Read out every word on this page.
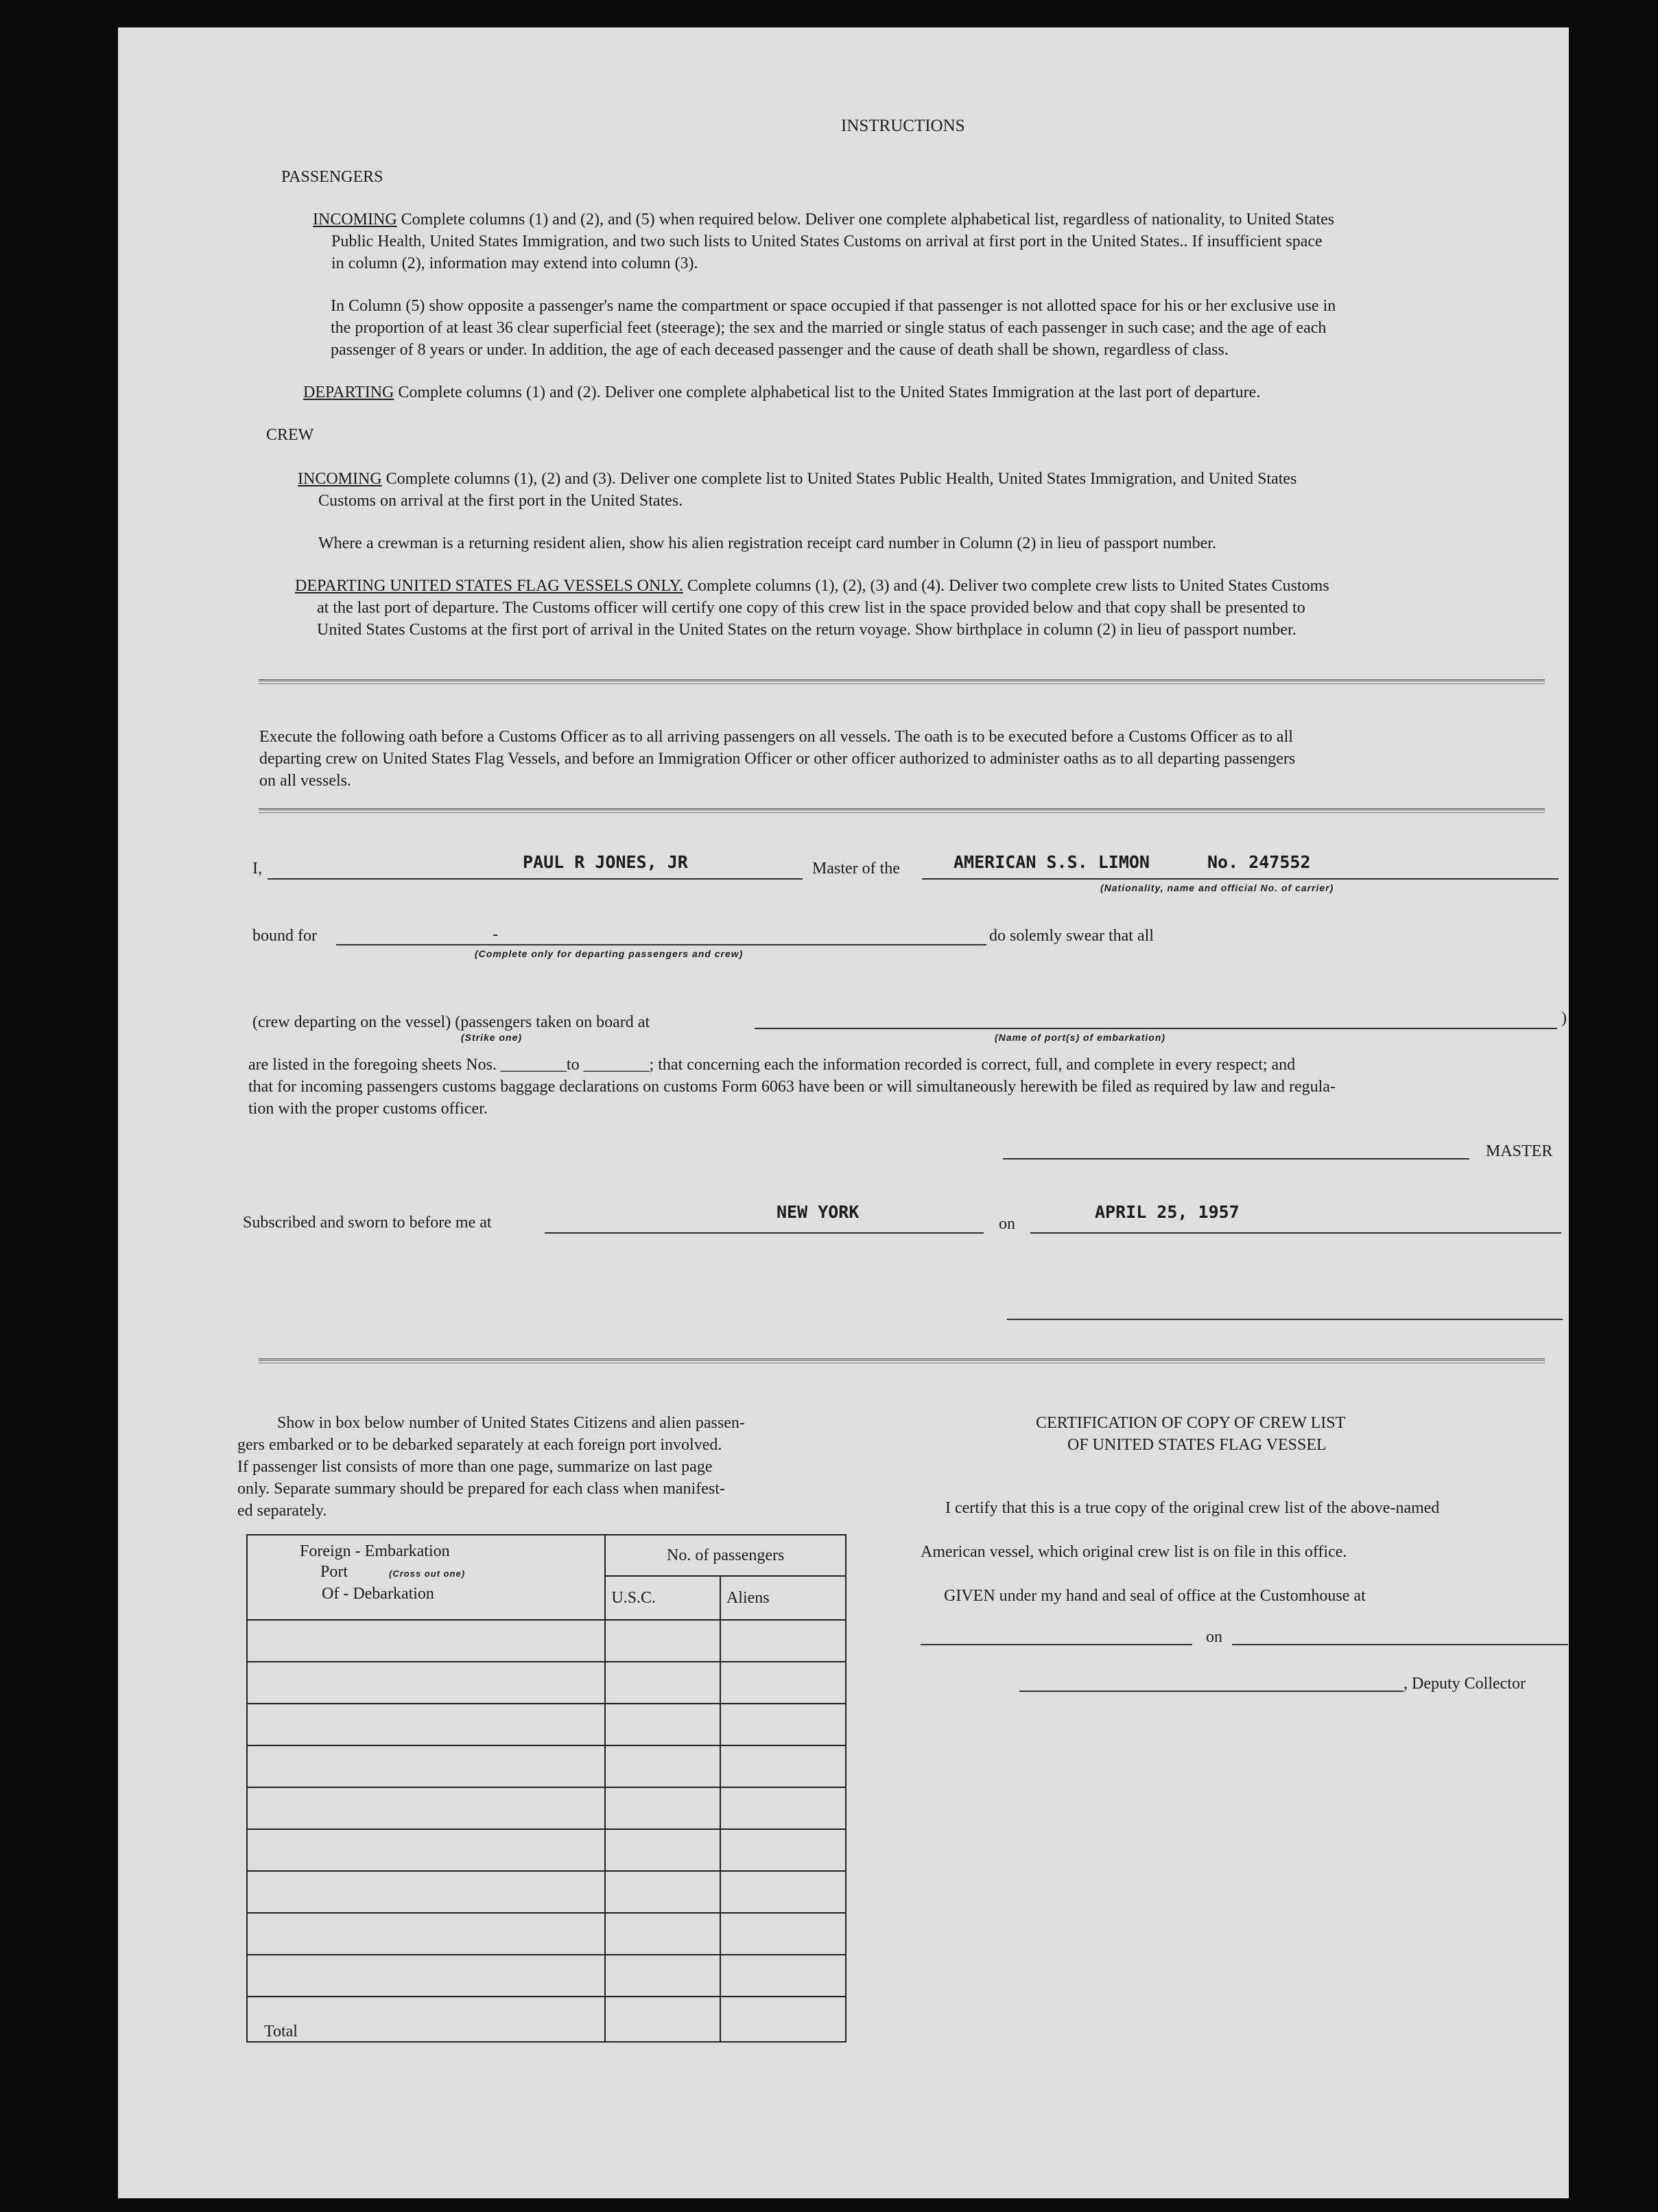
INSTRUCTIONS
PASSENGERS
INCOMING Complete columns (1) and (2), and (5) when required below. Deliver one complete alphabetical list, regardless of nationality, to United States
Public Health, United States Immigration, and two such lists to United States Customs on arrival at first port in the United States.. If insufficient space
in column (2), information may extend into column (3).
In Column (5) show opposite a passenger's name the compartment or space occupied if that passenger is not allotted space for his or her exclusive use in
the proportion of at least 36 clear superficial feet (steerage); the sex and the married or single status of each passenger in such case; and the age of each
passenger of 8 years or under. In addition, the age of each deceased passenger and the cause of death shall be shown, regardless of class.
DEPARTING Complete columns (1) and (2). Deliver one complete alphabetical list to the United States Immigration at the last port of departure.
CREW
INCOMING Complete columns (1), (2) and (3). Deliver one complete list to United States Public Health, United States Immigration, and United States
Customs on arrival at the first port in the United States.
Where a crewman is a returning resident alien, show his alien registration receipt card number in Column (2) in lieu of passport number.
DEPARTING UNITED STATES FLAG VESSELS ONLY. Complete columns (1), (2), (3) and (4). Deliver two complete crew lists to United States Customs
at the last port of departure. The Customs officer will certify one copy of this crew list in the space provided below and that copy shall be presented to
United States Customs at the first port of arrival in the United States on the return voyage. Show birthplace in column (2) in lieu of passport number.
Execute the following oath before a Customs Officer as to all arriving passengers on all vessels. The oath is to be executed before a Customs Officer as to all
departing crew on United States Flag Vessels, and before an Immigration Officer or other officer authorized to administer oaths as to all departing passengers
on all vessels.
I,	PAUL R JONES, JR	Master of the	AMERICAN S.S. LIMON	No. 247552
(Nationality, name and official No. of carrier)
bound for	-
(Complete only for departing passengers and crew)
do solemly swear that all
(crew departing on the vessel) (passengers taken on board at
(Strike one)	(Name of port(s) of embarkation)
)
are listed in the foregoing sheets Nos. ________to ________; that concerning each the information recorded is correct, full, and complete in every respect; and
that for incoming passengers customs baggage declarations on customs Form 6063 have been or will simultaneously herewith be filed as required by law and regula-
tion with the proper customs officer.
MASTER
Subscribed and sworn to before me at
NEW YORK
on
APRIL 25, 1957
Show in box below number of United States Citizens and alien passen-
gers embarked or to be debarked separately at each foreign port involved.
If passenger list consists of more than one page, summarize on last page
only. Separate summary should be prepared for each class when manifest-
ed separately.
Foreign - Embarkation
Port (Cross out one)
Of - Debarkation	No. of passengers	
	U.S.C.	Aliens

Total		
CERTIFICATION OF COPY OF CREW LIST
OF UNITED STATES FLAG VESSEL
I certify that this is a true copy of the original crew list of the above-named
American vessel, which original crew list is on file in this office.
GIVEN under my hand and seal of office at the Customhouse at
on
, Deputy Collector
